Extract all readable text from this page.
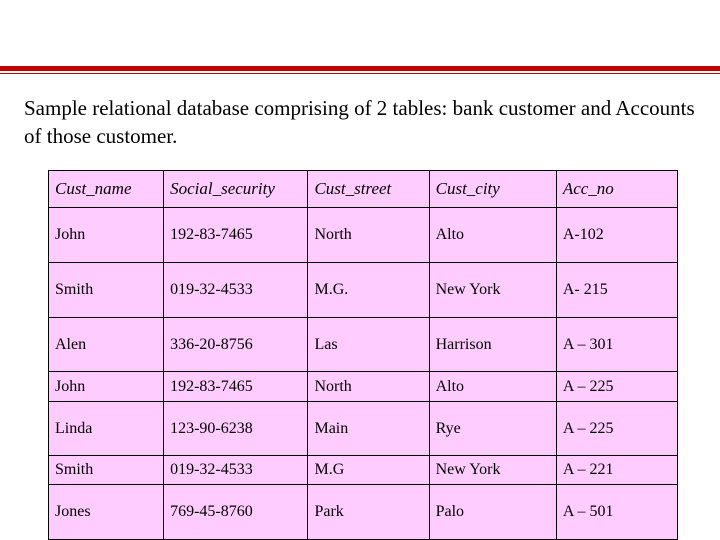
Sample relational database comprising of 2 tables: bank customer and Accounts of those customer.
Cust_name	Social_security	Cust_street	Cust_city	Acc_no
John	192-83-7465	North	Alto	A-102
Smith	019-32-4533	M.G.	New York	A- 215
Alen	336-20-8756	Las	Harrison	A – 301
John	192-83-7465	North	Alto	A – 225
Linda	123-90-6238	Main	Rye	A – 225
Smith	019-32-4533	M.G	New York	A – 221
Jones	769-45-8760	Park	Palo	A – 501
